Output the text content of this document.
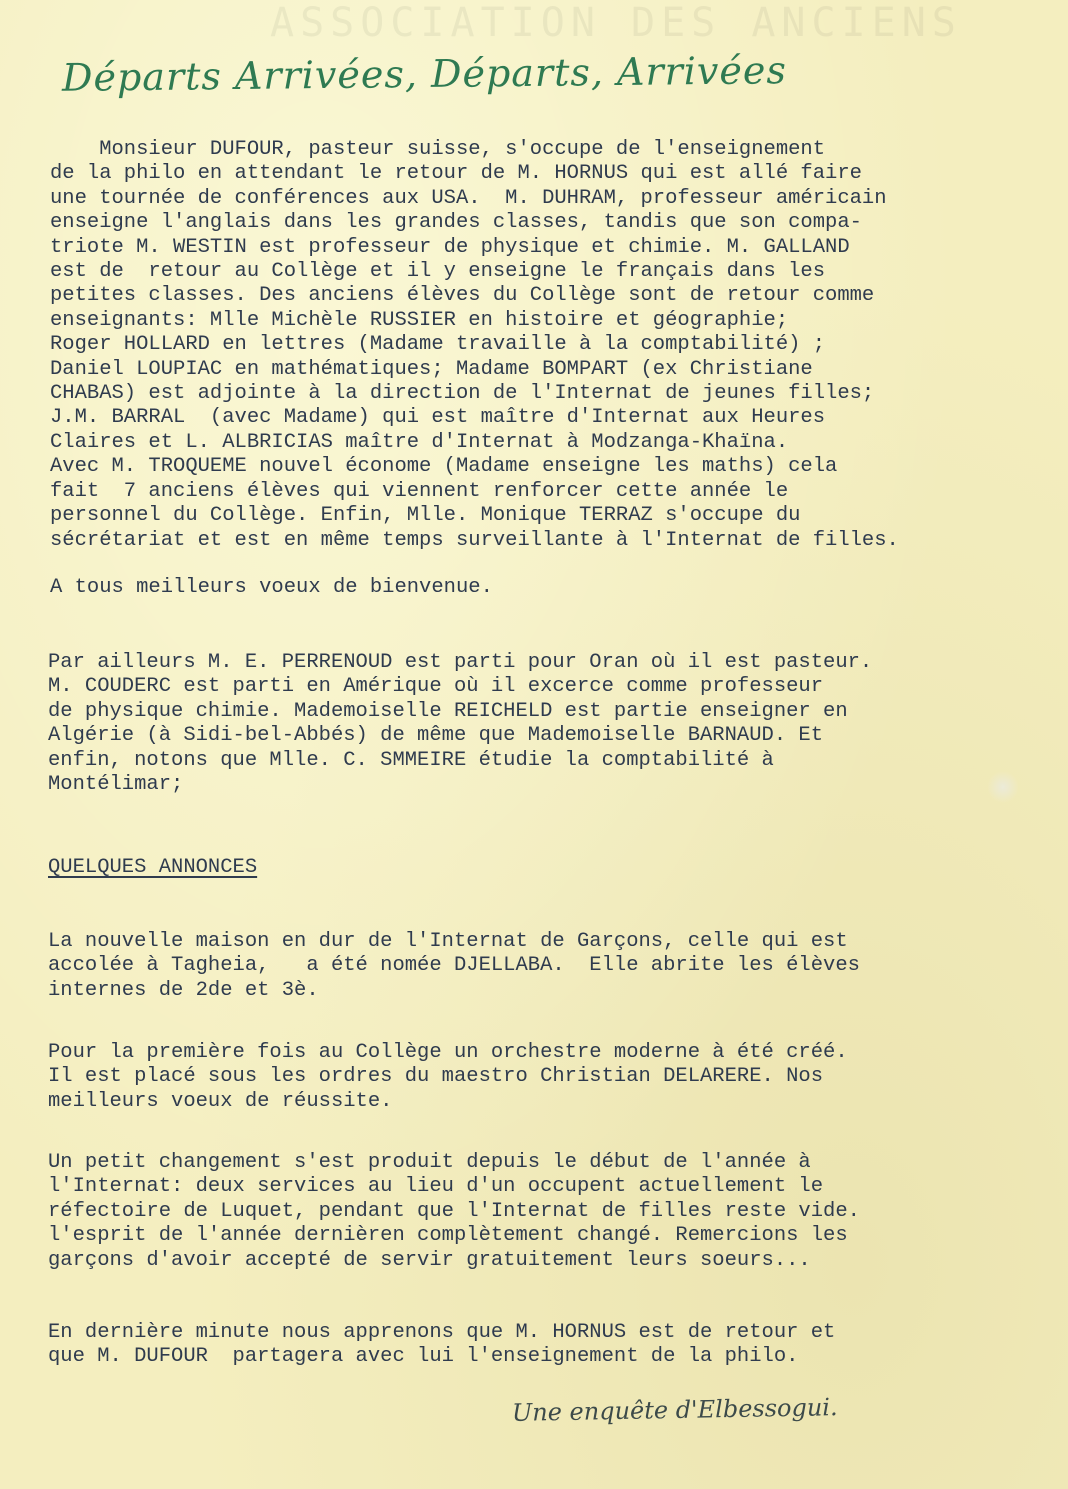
ASSOCIATION DES ANCIENS
Départs Arrivées, Départs, Arrivées
Monsieur DUFOUR, pasteur suisse, s'occupe de l'enseignement
de la philo en attendant le retour de M. HORNUS qui est allé faire
une tournée de conférences aux USA.  M. DUHRAM, professeur américain
enseigne l'anglais dans les grandes classes, tandis que son compa-
triote M. WESTIN est professeur de physique et chimie. M. GALLAND
est de  retour au Collège et il y enseigne le français dans les
petites classes. Des anciens élèves du Collège sont de retour comme
enseignants: Mlle Michèle RUSSIER en histoire et géographie;
Roger HOLLARD en lettres (Madame travaille à la comptabilité) ;
Daniel LOUPIAC en mathématiques; Madame BOMPART (ex Christiane
CHABAS) est adjointe à la direction de l'Internat de jeunes filles;
J.M. BARRAL  (avec Madame) qui est maître d'Internat aux Heures
Claires et L. ALBRICIAS maître d'Internat à Modzanga-Khaïna.
Avec M. TROQUEME nouvel économe (Madame enseigne les maths) cela
fait  7 anciens élèves qui viennent renforcer cette année le
personnel du Collège. Enfin, Mlle. Monique TERRAZ s'occupe du
sécrétariat et est en même temps surveillante à l'Internat de filles.
A tous meilleurs voeux de bienvenue.
Par ailleurs M. E. PERRENOUD est parti pour Oran où il est pasteur.
M. COUDERC est parti en Amérique où il excerce comme professeur
de physique chimie. Mademoiselle REICHELD est partie enseigner en
Algérie (à Sidi-bel-Abbés) de même que Mademoiselle BARNAUD. Et
enfin, notons que Mlle. C. SMMEIRE étudie la comptabilité à
Montélimar;
QUELQUES ANNONCES
La nouvelle maison en dur de l'Internat de Garçons, celle qui est
accolée à Tagheia,   a été nomée DJELLABA.  Elle abrite les élèves
internes de 2de et 3è.
Pour la première fois au Collège un orchestre moderne à été créé.
Il est placé sous les ordres du maestro Christian DELARERE. Nos
meilleurs voeux de réussite.
Un petit changement s'est produit depuis le début de l'année à
l'Internat: deux services au lieu d'un occupent actuellement le
réfectoire de Luquet, pendant que l'Internat de filles reste vide.
l'esprit de l'année dernièren complètement changé. Remercions les
garçons d'avoir accepté de servir gratuitement leurs soeurs...
En dernière minute nous apprenons que M. HORNUS est de retour et
que M. DUFOUR  partagera avec lui l'enseignement de la philo.
Une enquête d'Elbessogui.
